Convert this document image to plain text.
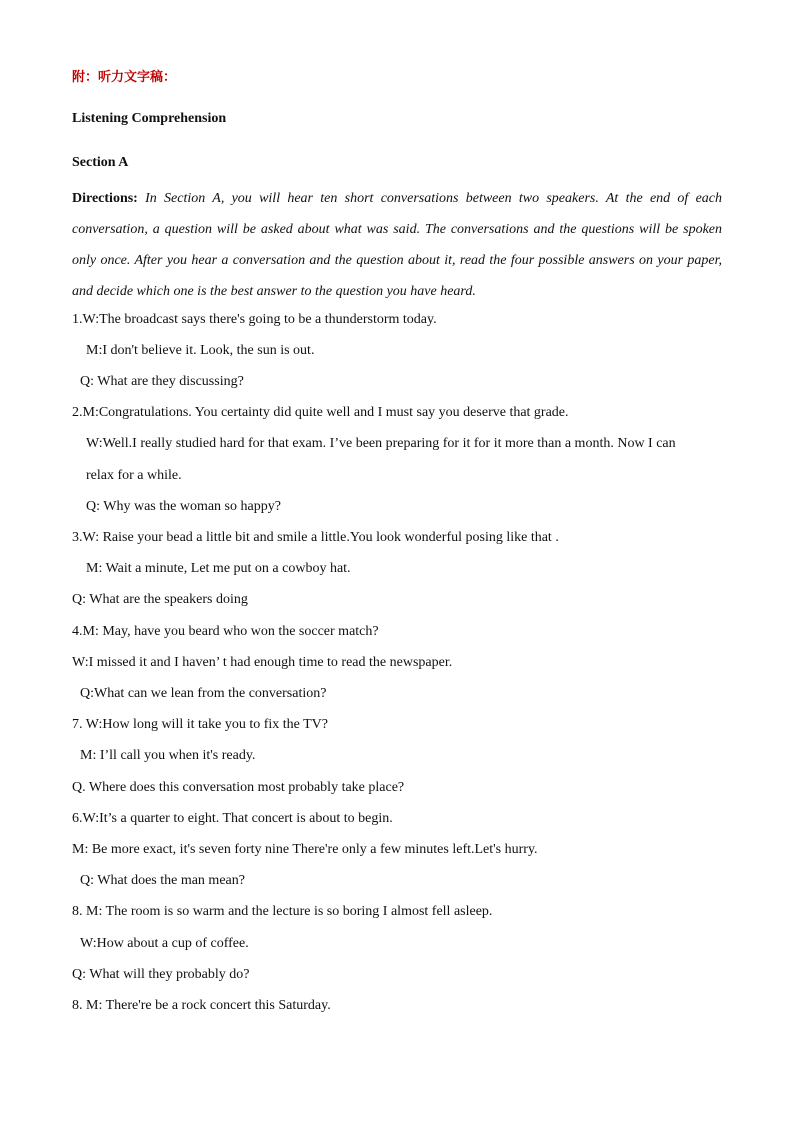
附：听力文字稿：
Listening Comprehension
Section A
Directions: In Section A, you will hear ten short conversations between two speakers. At the end of each conversation, a question will be asked about what was said. The conversations and the questions will be spoken only once. After you hear a conversation and the question about it, read the four possible answers on your paper, and decide which one is the best answer to the question you have heard.
1.W:The broadcast says there's going to be a thunderstorm today.
M:I don't believe it. Look, the sun is out.
Q: What are they discussing?
2.M:Congratulations. You certainty did quite well and I must say you deserve that grade.
W:Well.I really studied hard for that exam. I’ve been preparing for it for it more than a month. Now I can
relax for a while.
Q: Why was the woman so happy?
3.W: Raise your bead a little bit and smile a little.You look wonderful posing like that .
M: Wait a minute, Let me put on a cowboy hat.
Q: What are the speakers doing
4.M: May, have you beard who won the soccer match?
W:I missed it and I haven’ t had enough time to read the newspaper.
Q:What can we lean from the conversation?
7. W:How long will it take you to fix the TV?
M: I’ll call you when it's ready.
Q. Where does this conversation most probably take place?
6.W:It’s a quarter to eight. That concert is about to begin.
M: Be more exact, it's seven forty nine There're only a few minutes left.Let's hurry.
Q: What does the man mean?
8. M: The room is so warm and the lecture is so boring I almost fell asleep.
W:How about a cup of coffee.
Q: What will they probably do?
8. M: There're be a rock concert this Saturday.
